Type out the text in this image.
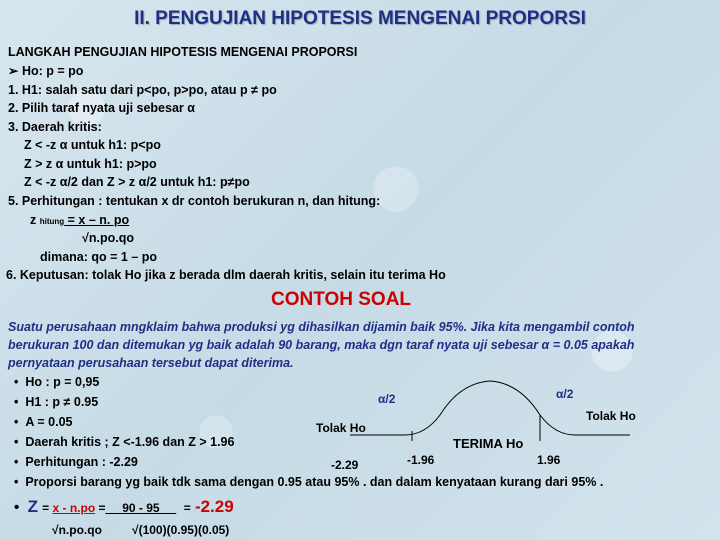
II. PENGUJIAN HIPOTESIS MENGENAI PROPORSI
LANGKAH PENGUJIAN HIPOTESIS MENGENAI PROPORSI
➢ Ho: p = po
1. H1: salah satu dari p<po, p>po, atau p ≠ po
2. Pilih taraf nyata uji sebesar α
3. Daerah kritis:
Z < -z α untuk h1: p<po
Z > z α untuk h1: p>po
Z < -z α/2 dan Z > z α/2 untuk h1: p≠po
5. Perhitungan : tentukan x dr contoh berukuran n, dan hitung:
z hitung = x – n. po
√n.po.qo
dimana: qo = 1 – po
6. Keputusan: tolak Ho jika z berada dlm daerah kritis, selain itu terima Ho
CONTOH SOAL
Suatu perusahaan mngklaim bahwa produksi yg dihasilkan dijamin baik 95%. Jika kita mengambil contoh
berukuran 100 dan ditemukan yg baik adalah 90 barang, maka dgn taraf nyata uji sebesar α = 0.05 apakah
pernyataan perusahaan tersebut dapat diterima.
• Ho : p = 0,95
• H1 : p ≠ 0.95
• A = 0.05
• Daerah kritis ; Z <-1.96 dan Z > 1.96
• Perhitungan : -2.29
• Proporsi barang yg baik tdk sama dengan 0.95 atau 95% . dan dalam kenyataan kurang dari 95% .
α/2	α/2
Tolak Ho
Tolak Ho
TERIMA Ho
-1.96	1.96
-2.29
• Z = x - n.po = 90 - 95 = -2.29
√n.po.qo	√(100)(0.95)(0.05)
